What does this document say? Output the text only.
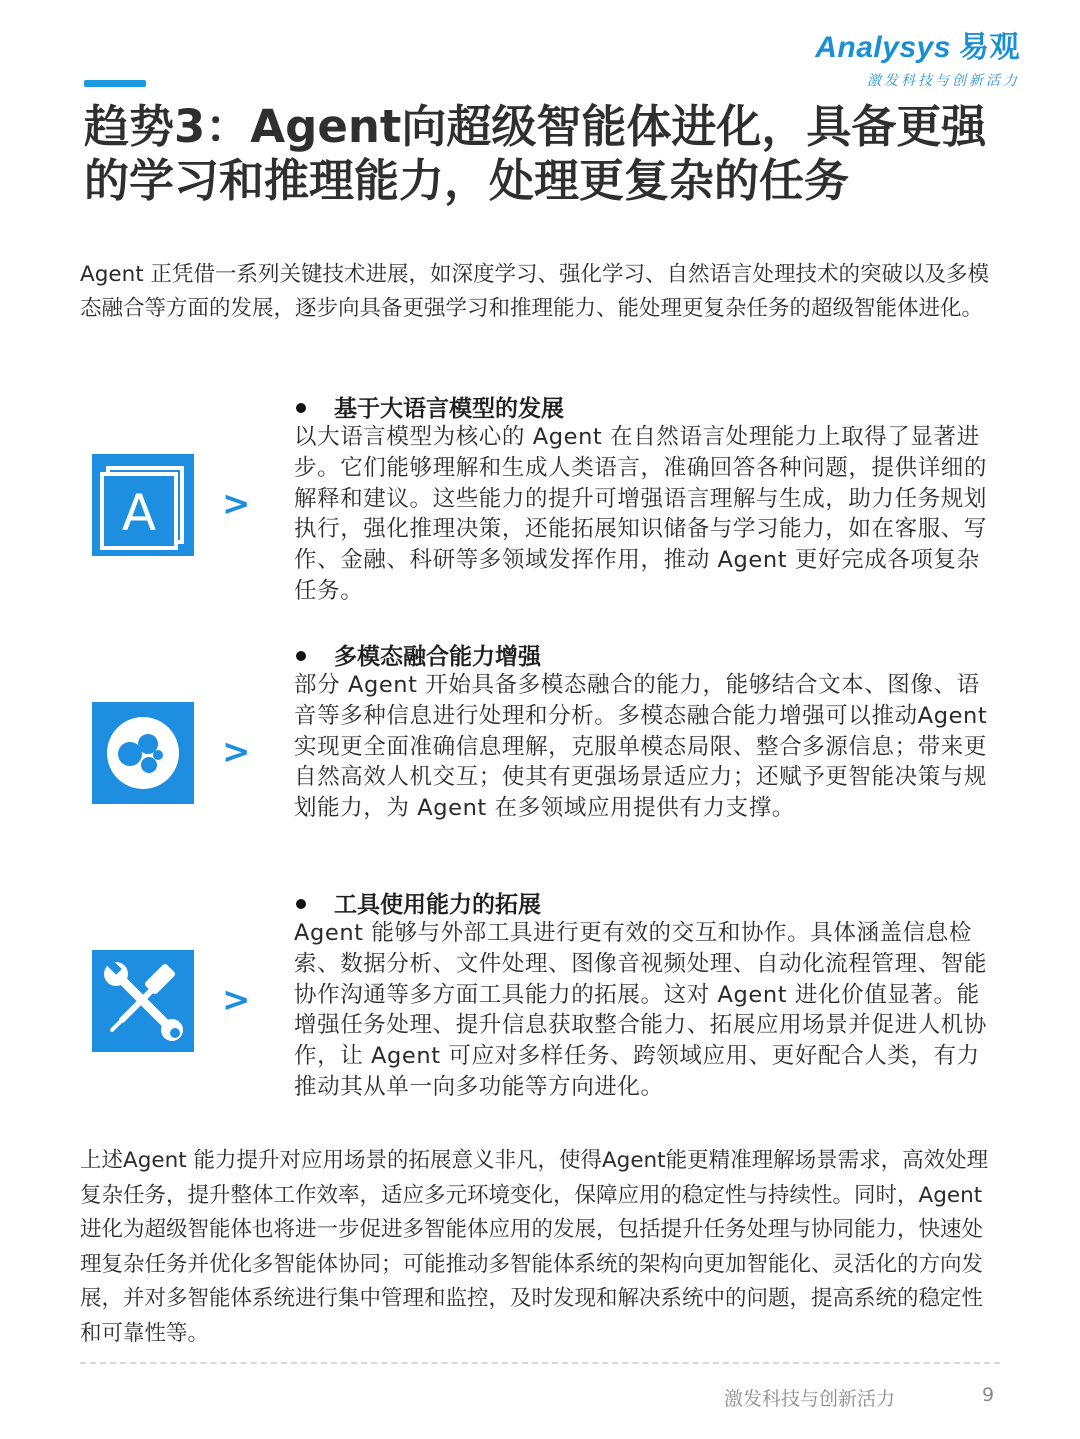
Analysys 易观
激发科技与创新活力
趋势3：Agent向超级智能体进化，具备更强的学习和推理能力，处理更复杂的任务

Agent 正凭借一系列关键技术进展，如深度学习、强化学习、自然语言处理技术的突破以及多模态融合等方面的发展，逐步向具备更强学习和推理能力、能处理更复杂任务的超级智能体进化。

A >
基于大语言模型的发展

以大语言模型为核心的 Agent 在自然语言处理能力上取得了显著进步。它们能够理解和生成人类语言，准确回答各种问题，提供详细的解释和建议。这些能力的提升可增强语言理解与生成，助力任务规划执行，强化推理决策，还能拓展知识储备与学习能力，如在客服、写作、金融、科研等多领域发挥作用，推动 Agent 更好完成各项复杂任务。

>
多模态融合能力增强

部分 Agent 开始具备多模态融合的能力，能够结合文本、图像、语音等多种信息进行处理和分析。多模态融合能力增强可以推动Agent实现更全面准确信息理解，克服单模态局限、整合多源信息；带来更自然高效人机交互；使其有更强场景适应力；还赋予更智能决策与规划能力，为 Agent 在多领域应用提供有力支撑。

>
工具使用能力的拓展

Agent 能够与外部工具进行更有效的交互和协作。具体涵盖信息检索、数据分析、文件处理、图像音视频处理、自动化流程管理、智能协作沟通等多方面工具能力的拓展。这对 Agent 进化价值显著。能增强任务处理、提升信息获取整合能力、拓展应用场景并促进人机协作，让 Agent 可应对多样任务、跨领域应用、更好配合人类，有力推动其从单一向多功能等方向进化。

上述Agent 能力提升对应用场景的拓展意义非凡，使得Agent能更精准理解场景需求，高效处理复杂任务，提升整体工作效率，适应多元环境变化，保障应用的稳定性与持续性。同时，Agent 进化为超级智能体也将进一步促进多智能体应用的发展，包括提升任务处理与协同能力，快速处理复杂任务并优化多智能体协同；可能推动多智能体系统的架构向更加智能化、灵活化的方向发展，并对多智能体系统进行集中管理和监控，及时发现和解决系统中的问题，提高系统的稳定性和可靠性等。

激发科技与创新活力	9
